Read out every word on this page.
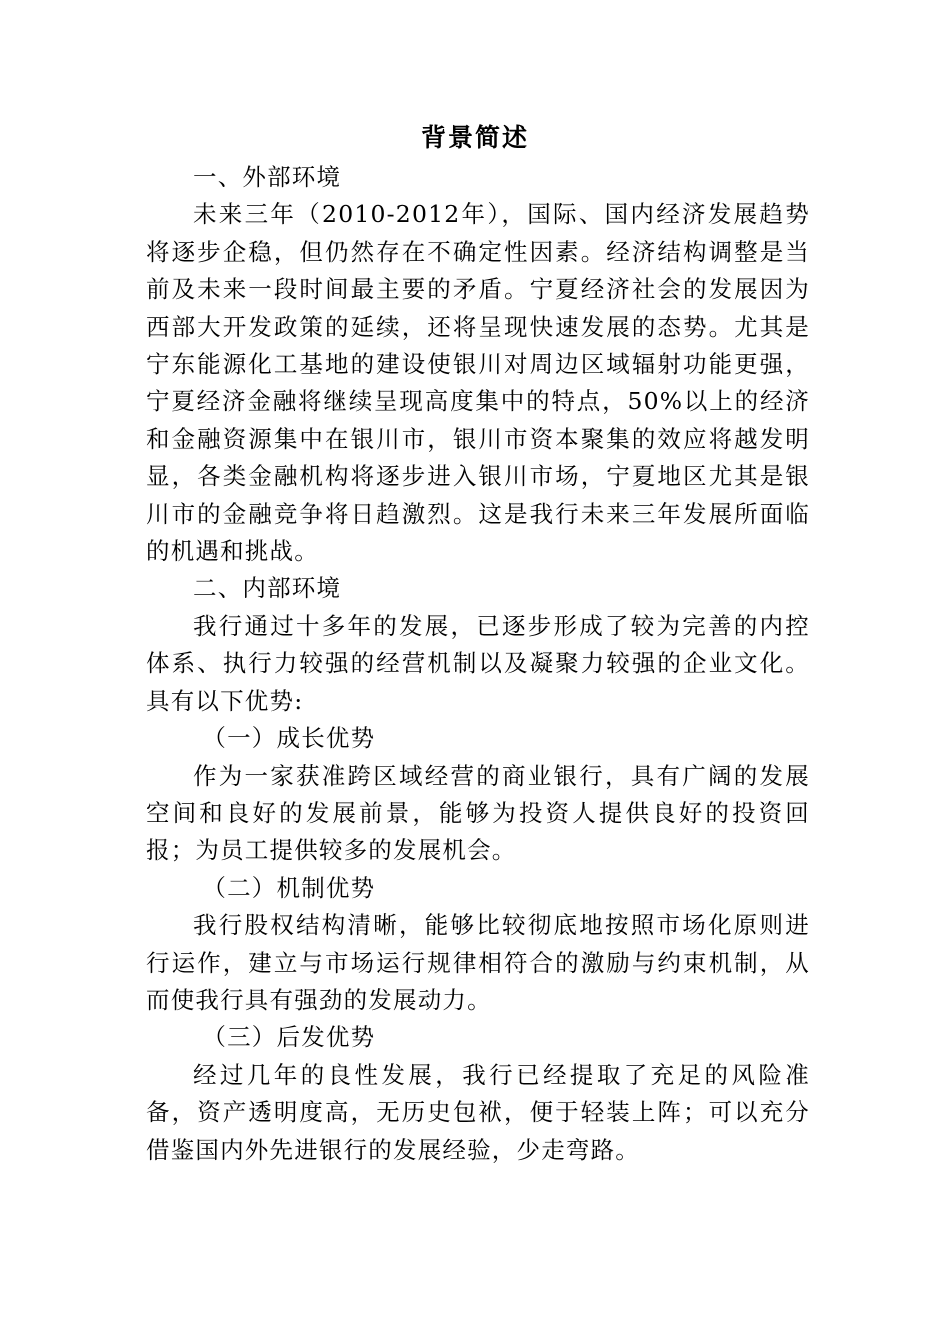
背景简述

一、外部环境

未来三年（2010-2012年），国际、国内经济发展趋势将逐步企稳，但仍然存在不确定性因素。经济结构调整是当前及未来一段时间最主要的矛盾。宁夏经济社会的发展因为西部大开发政策的延续，还将呈现快速发展的态势。尤其是宁东能源化工基地的建设使银川对周边区域辐射功能更强，宁夏经济金融将继续呈现高度集中的特点，50%以上的经济和金融资源集中在银川市，银川市资本聚集的效应将越发明显，各类金融机构将逐步进入银川市场，宁夏地区尤其是银川市的金融竞争将日趋激烈。这是我行未来三年发展所面临的机遇和挑战。

二、内部环境

我行通过十多年的发展，已逐步形成了较为完善的内控体系、执行力较强的经营机制以及凝聚力较强的企业文化。具有以下优势:

（一）成长优势

作为一家获准跨区域经营的商业银行，具有广阔的发展空间和良好的发展前景，能够为投资人提供良好的投资回报；为员工提供较多的发展机会。

（二）机制优势

我行股权结构清晰，能够比较彻底地按照市场化原则进行运作，建立与市场运行规律相符合的激励与约束机制，从而使我行具有强劲的发展动力。

（三）后发优势

经过几年的良性发展，我行已经提取了充足的风险准备，资产透明度高，无历史包袱，便于轻装上阵；可以充分借鉴国内外先进银行的发展经验，少走弯路。
